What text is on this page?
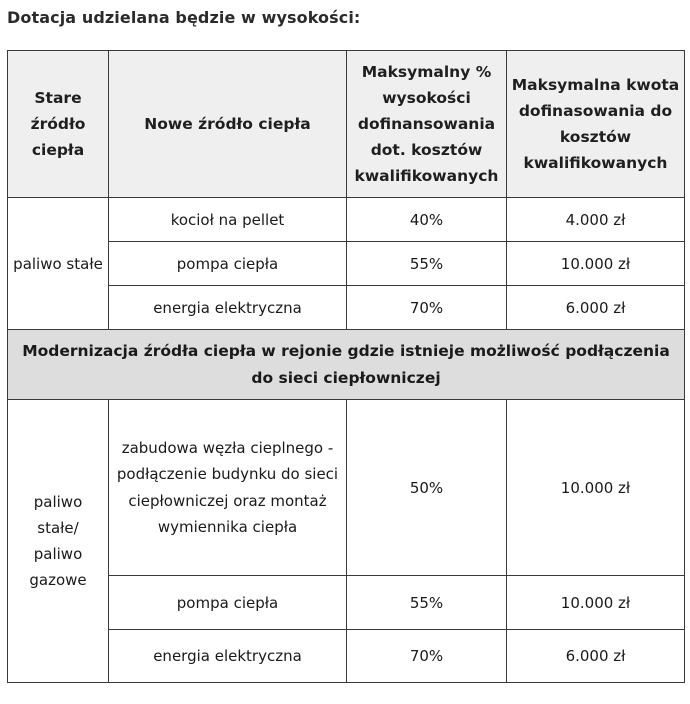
Dotacja udzielana będzie w wysokości:
Stare źródło ciepła	Nowe źródło ciepła	Maksymalny % wysokości dofinansowania dot. kosztów kwalifikowanych	Maksymalna kwota dofinasowania do kosztów kwalifikowanych
paliwo stałe	kocioł na pellet	40%	4.000 zł
	pompa ciepła	55%	10.000 zł
	energia elektryczna	70%	6.000 zł
Modernizacja źródła ciepła w rejonie gdzie istnieje możliwość podłączenia do sieci ciepłowniczej			
paliwo stałe/ paliwo gazowe	zabudowa węzła cieplnego -podłączenie budynku do sieci ciepłowniczej oraz montaż wymiennika ciepła	50%	10.000 zł
	pompa ciepła	55%	10.000 zł
	energia elektryczna	70%	6.000 zł
